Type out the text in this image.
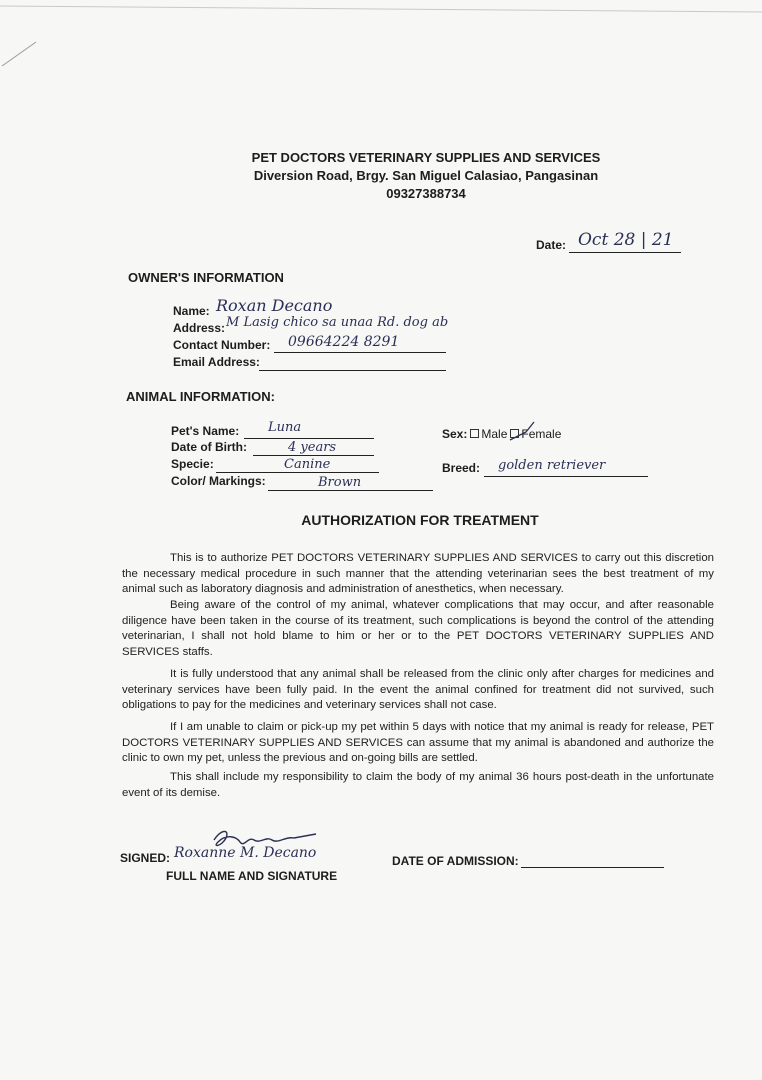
PET DOCTORS VETERINARY SUPPLIES AND SERVICES
Diversion Road, Brgy. San Miguel Calasiao, Pangasinan
09327388734
Date: Oct 28 | 21
OWNER'S INFORMATION
Name: Roxan Decano
Address: M Lasig chico sa unaa Rd. dog ab
Contact Number: 09664224 8291
Email Address:
ANIMAL INFORMATION:
Pet's Name: Luna
Date of Birth:	4 years
Specie:	Canine
Color/ Markings:	Brown
Sex: Male Female
Breed: golden retriever
AUTHORIZATION FOR TREATMENT
This is to authorize PET DOCTORS VETERINARY SUPPLIES AND SERVICES to carry out this discretion the necessary medical procedure in such manner that the attending veterinarian sees the best treatment of my animal such as laboratory diagnosis and administration of anesthetics, when necessary.
Being aware of the control of my animal, whatever complications that may occur, and after reasonable diligence have been taken in the course of its treatment, such complications is beyond the control of the attending veterinarian, I shall not hold blame to him or her or to the PET DOCTORS VETERINARY SUPPLIES AND SERVICES staffs.
It is fully understood that any animal shall be released from the clinic only after charges for medicines and veterinary services have been fully paid. In the event the animal confined for treatment did not survived, such obligations to pay for the medicines and veterinary services shall not case.
If I am unable to claim or pick-up my pet within 5 days with notice that my animal is ready for release, PET DOCTORS VETERINARY SUPPLIES AND SERVICES can assume that my animal is abandoned and authorize the clinic to own my pet, unless the previous and on-going bills are settled.
This shall include my responsibility to claim the body of my animal 36 hours post-death in the unfortunate event of its demise.
SIGNED: Roxanne M. Decano
FULL NAME AND SIGNATURE
DATE OF ADMISSION:
